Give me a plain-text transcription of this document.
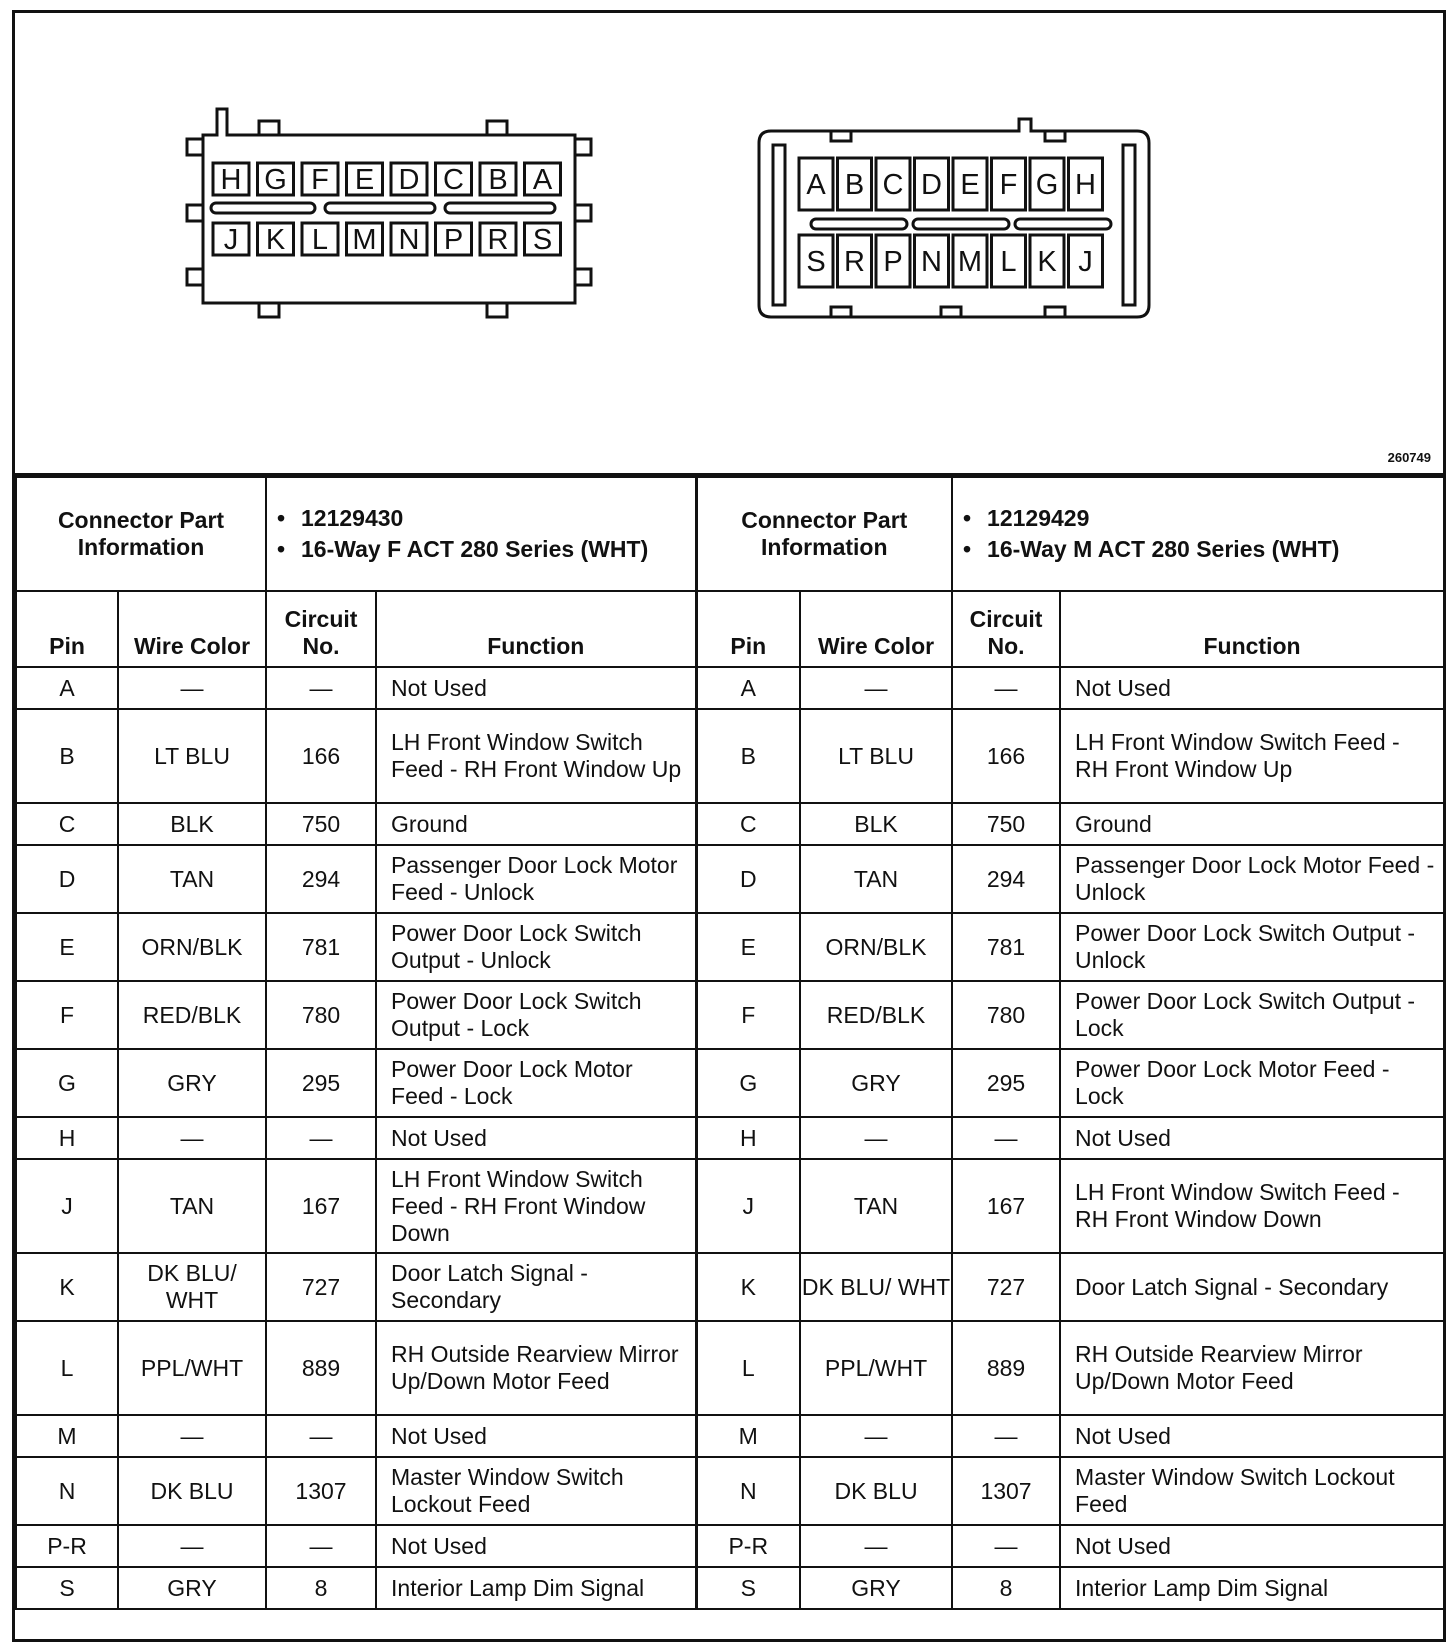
H G F E D C B A
J K L M N P R S
A B C D E F G H
S R P N M L K J
260749
Connector Part Information		• 12129430
• 16-Way F ACT 280 Series (WHT)		Connector Part Information		• 12129429
• 16-Way M ACT 280 Series (WHT)

Pin	Wire Color	Circuit No.	Function	Pin	Wire Color	Circuit No.	Function
A	—	—	Not Used	A	—	—	Not Used
B	LT BLU	166	LH Front Window Switch Feed - RH Front Window Up	B	LT BLU	166	LH Front Window Switch Feed - RH Front Window Up
C	BLK	750	Ground	C	BLK	750	Ground
D	TAN	294	Passenger Door Lock Motor Feed - Unlock	D	TAN	294	Passenger Door Lock Motor Feed - Unlock
E	ORN/BLK	781	Power Door Lock Switch Output - Unlock	E	ORN/BLK	781	Power Door Lock Switch Output - Unlock
F	RED/BLK	780	Power Door Lock Switch Output - Lock	F	RED/BLK	780	Power Door Lock Switch Output - Lock
G	GRY	295	Power Door Lock Motor Feed - Lock	G	GRY	295	Power Door Lock Motor Feed - Lock
H	—	—	Not Used	H	—	—	Not Used
J	TAN	167	LH Front Window Switch Feed - RH Front Window Down	J	TAN	167	LH Front Window Switch Feed - RH Front Window Down
K	DK BLU/ WHT	727	Door Latch Signal - Secondary	K	DK BLU/ WHT	727	Door Latch Signal - Secondary
L	PPL/WHT	889	RH Outside Rearview Mirror Up/Down Motor Feed	L	PPL/WHT	889	RH Outside Rearview Mirror Up/Down Motor Feed
M	—	—	Not Used	M	—	—	Not Used
N	DK BLU	1307	Master Window Switch Lockout Feed	N	DK BLU	1307	Master Window Switch Lockout Feed
P-R	—	—	Not Used	P-R	—	—	Not Used
S	GRY	8	Interior Lamp Dim Signal	S	GRY	8	Interior Lamp Dim Signal
